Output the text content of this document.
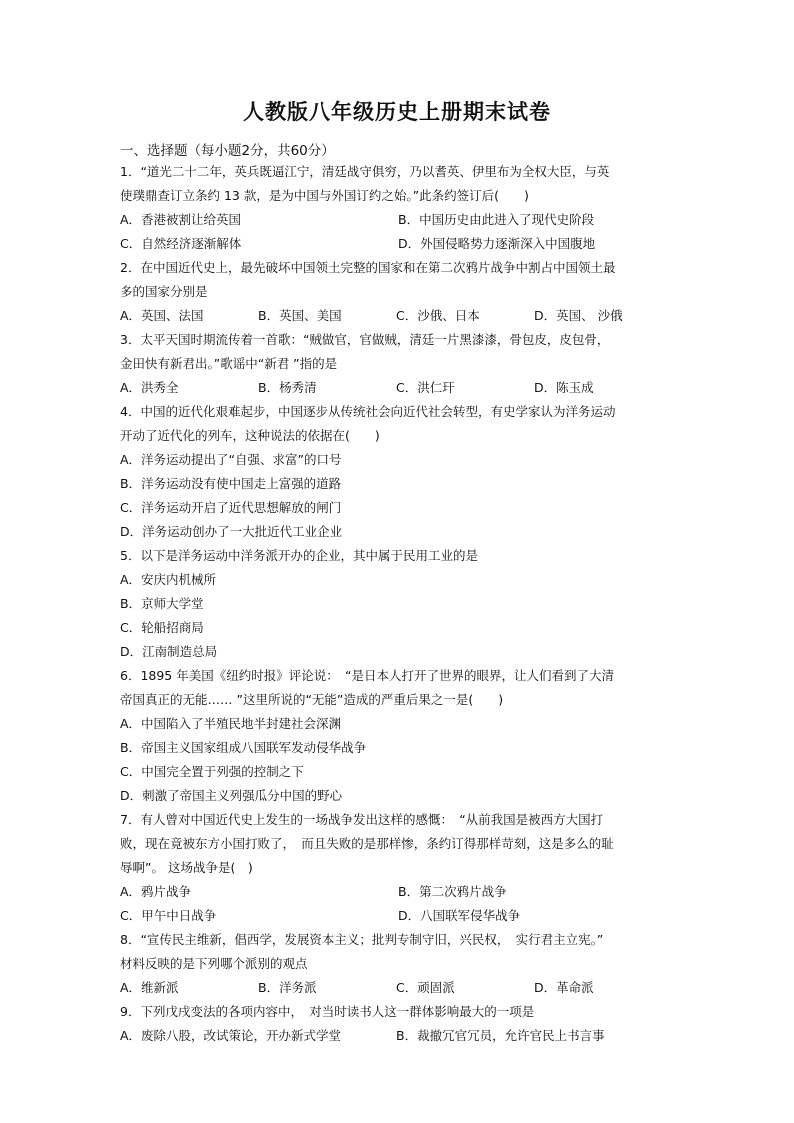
人教版八年级历史上册期末试卷
一、选择题（每小题2分，共60分）
1．“道光二十二年，英兵既逼江宁，清廷战守俱穷，乃以耆英、伊里布为全权大臣，与英
使璞鼎查订立条约 13 款，是为中国与外国订约之始。”此条约签订后(　　)
A．香港被割让给英国	B．中国历史由此进入了现代史阶段
C．自然经济逐渐解体	D．外国侵略势力逐渐深入中国腹地
2．在中国近代史上，最先破坏中国领土完整的国家和在第二次鸦片战争中割占中国领土最
多的国家分别是
A．英国、法国	B．英国、美国	C．沙俄、日本	D．英国、 沙俄
3．太平天国时期流传着一首歌：“贼做官，官做贼，清廷一片黑漆漆，骨包皮，皮包骨，
金田快有新君出。”歌谣中“新君 ”指的是
A．洪秀全	B．杨秀清	C．洪仁玕	D．陈玉成
4．中国的近代化艰难起步，中国逐步从传统社会向近代社会转型，有史学家认为洋务运动
开动了近代化的列车，这种说法的依据在(　　)
A．洋务运动提出了“自强、求富”的口号
B．洋务运动没有使中国走上富强的道路
C．洋务运动开启了近代思想解放的闸门
D．洋务运动创办了一大批近代工业企业
5．以下是洋务运动中洋务派开办的企业，其中属于民用工业的是
A．安庆内机械所
B．京师大学堂
C．轮船招商局
D．江南制造总局
6．1895 年美国《纽约时报》评论说：　“是日本人打开了世界的眼界，让人们看到了大清
帝国真正的无能…… ”这里所说的“无能”造成的严重后果之一是(　　)
A．中国陷入了半殖民地半封建社会深渊
B．帝国主义国家组成八国联军发动侵华战争
C．中国完全置于列强的控制之下
D．刺激了帝国主义列强瓜分中国的野心
7．有人曾对中国近代史上发生的一场战争发出这样的感慨：　“从前我国是被西方大国打
败，现在竟被东方小国打败了，　而且失败的是那样惨，条约订得那样苛刻，这是多么的耻
辱啊”。 这场战争是(　)
A．鸦片战争	B．第二次鸦片战争
C．甲午中日战争	D．八国联军侵华战争
8．“宣传民主维新，倡西学，发展资本主义；批判专制守旧，兴民权，　实行君主立宪。”
材料反映的是下列哪个派别的观点
A．维新派	B．洋务派	C．顽固派	D．革命派
9．下列戊戌变法的各项内容中，　对当时读书人这一群体影响最大的一项是
A．废除八股，改试策论，开办新式学堂	B．裁撤冗官冗员，允许官民上书言事
